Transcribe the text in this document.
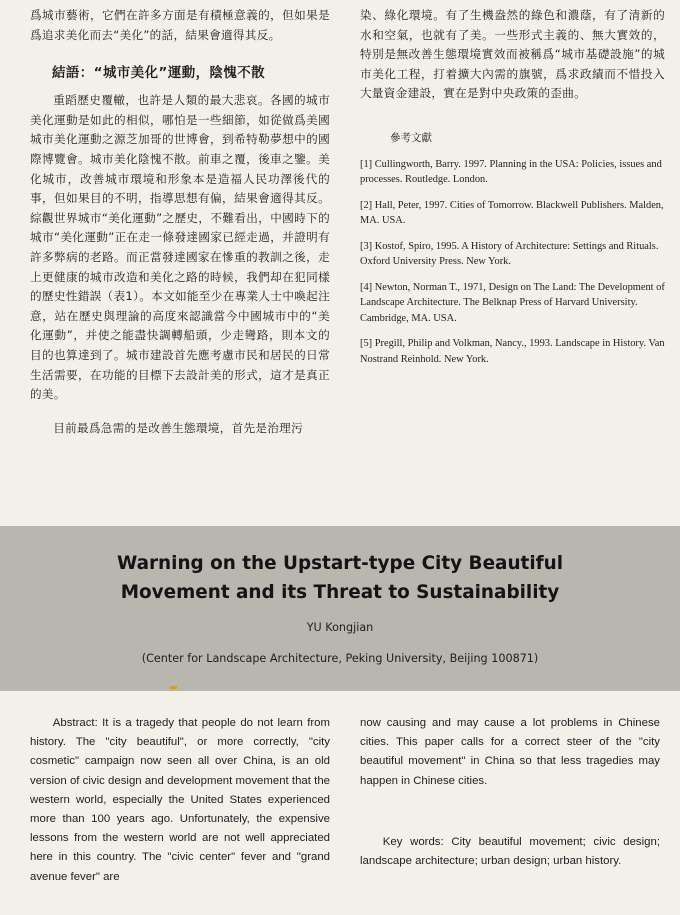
爲城市藝術，它們在許多方面是有積極意義的，但如果是爲追求美化而去“美化”的話，結果會適得其反。

結語：“城市美化”運動，陰愧不散

重蹈歷史覆轍，也許是人類的最大悲哀。各國的城市美化運動是如此的相似，哪怕是一些細節，如從做爲美國城市美化運動之源芝加哥的世博會，到希特勒夢想中的國際博覽會。城市美化陰愧不散。前車之覆，後車之鑒。美化城市，改善城市環境和形象本是造福人民功澤後代的事，但如果目的不明，指導思想有偏，結果會適得其反。綜觀世界城市“美化運動”之歷史，不難看出，中國時下的城市“美化運動”正在走一條發達國家已經走過，并證明有許多弊病的老路。而正當發達國家在慘重的教訓之後，走上更健康的城市改造和美化之路的時候，我們却在犯同樣的歷史性錯誤（表1）。本文如能至少在專業人士中喚起注意，站在歷史與理論的高度來認識當今中國城市中的“美化運動”，并使之能盡快調轉船頭，少走彎路，則本文的目的也算達到了。城市建設首先應考慮市民和居民的日常生活需要，在功能的目標下去設計美的形式，這才是真正的美。

目前最爲急需的是改善生態環境，首先是治理污

染、綠化環境。有了生機盎然的綠色和濃蔭，有了清新的水和空氣，也就有了美。一些形式主義的、無大實效的，特別是無改善生態環境實效而被稱爲“城市基礎設施”的城市美化工程，打着擴大內需的旗號，爲求政績而不惜投入大量資金建設，實在是對中央政策的歪曲。

參考文獻

[1] Cullingworth, Barry. 1997. Planning in the USA: Policies, issues and processes. Routledge. London.

[2] Hall, Peter, 1997. Cities of Tomorrow. Blackwell Publishers. Malden, MA. USA.

[3] Kostof, Spiro, 1995. A History of Architecture: Settings and Rituals. Oxford University Press. New York.

[4] Newton, Norman T., 1971, Design on The Land: The Development of Landscape Architecture. The Belknap Press of Harvard University. Cambridge, MA. USA.

[5] Pregill, Philip and Volkman, Nancy., 1993. Landscape in History. Van Nostrand Reinhold. New York.

Warning on the Upstart-type City Beautiful
Movement and its Threat to Sustainability

YU Kongjian

(Center for Landscape Architecture, Peking University, Beijing 100871)

Abstract: It is a tragedy that people do not learn from history. The "city beautiful", or more correctly, "city cosmetic" campaign now seen all over China, is an old version of civic design and development movement that the western world, especially the United States experienced more than 100 years ago. Unfortunately, the expensive lessons from the western world are not well appreciated here in this country. The "civic center" fever and "grand avenue fever" are

now causing and may cause a lot problems in Chinese cities. This paper calls for a correct steer of the "city beautiful movement" in China so that less tragedies may happen in Chinese cities.

Key words: City beautiful movement; civic design; landscape architecture; urban design; urban history.
